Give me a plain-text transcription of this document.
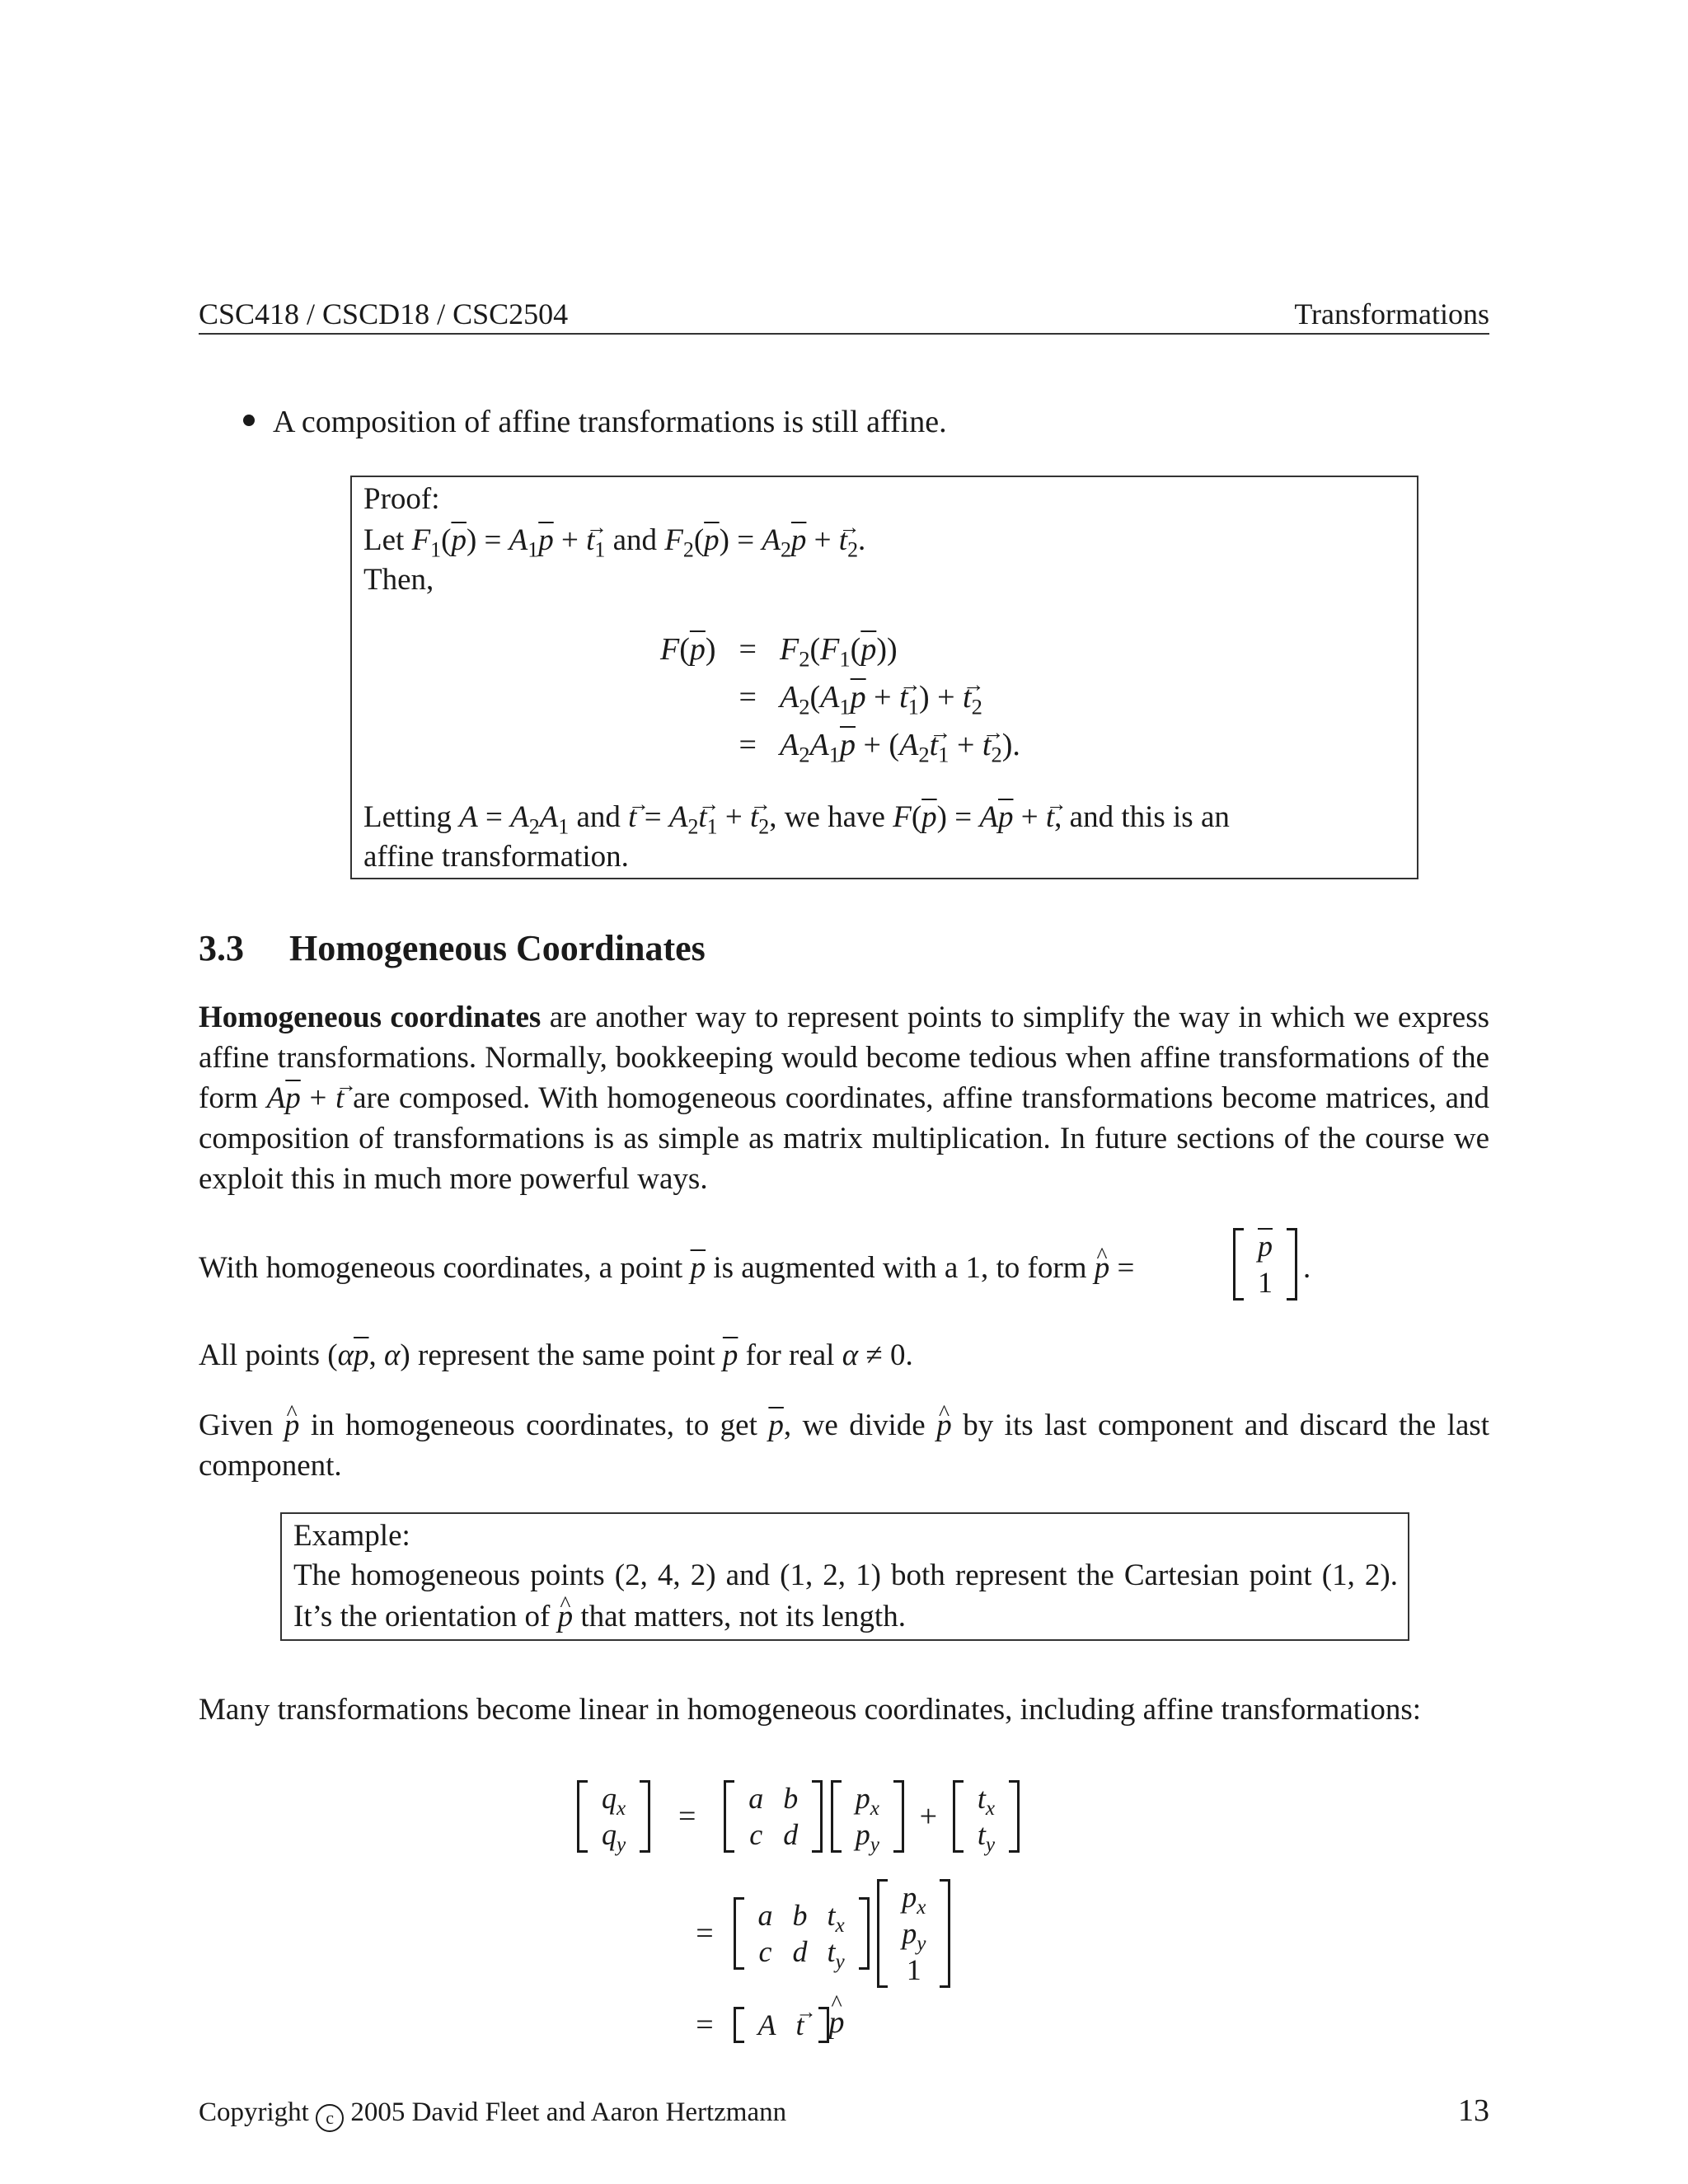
CSC418 / CSCD18 / CSC2504	Transformations
A composition of affine transformations is still affine.
Proof:
Let $F_1(\overline{p}) = A_1\overline{p}$ + → $t_1$ and $F_2(\overline{p}) = A_2\overline{p}$ + → $t_2$.
Then,
$F(\overline{p})$	=	$F_2(F_1(\overline{p}))$
	=	$A_2(A_1\overline{p}$ + → $t_1$) + → $t_2$
	=	$A_2A_1\overline{p} + (A_2\to t_1$ + → $t_2$).
Letting $A = A_2A_1$ and → $t = A_2\to t_1$ + → $t_2$, we have $F(\overline{p}) = A\overline{p}$ + → t, and this is an
affine transformation.
3.3 Homogeneous Coordinates
Homogeneous coordinates are another way to represent points to simplify the way in which we express affine transformations. Normally, bookkeeping would become tedious when affine transformations of the form $A\overline{p}$ + → t are composed. With homogeneous coordinates, affine transformations become matrices, and composition of transformations is as simple as matrix multiplication. In future sections of the course we exploit this in much more powerful ways.
With homogeneous coordinates, a point $\overline{p}$ is augmented with a 1, to form ^ p =
$\overline{p}$
1 .
All points ($\alpha\overline{p}$, α) represent the same point $\overline{p}$ for real α ≠ 0.
Given ^ p in homogeneous coordinates, to get $\overline{p}$, we divide ^ p by its last component and discard the last component.
Example:
The homogeneous points (2, 4, 2) and (1, 2, 1) both represent the Cartesian point (1, 2). It’s the orientation of ^ p that matters, not its length.
Many transformations become linear in homogeneous coordinates, including affine transformations:
$q_x$
$q_y$
=
a	b
c	d

$p_x$
$p_y$
+
$t_x$
$t_y$
=
a	b	$t_x$
c	d	$t_y$

$p_x$
$p_y$
1
= A	→t ^ p
Copyright c 2005 David Fleet and Aaron Hertzmann	13
